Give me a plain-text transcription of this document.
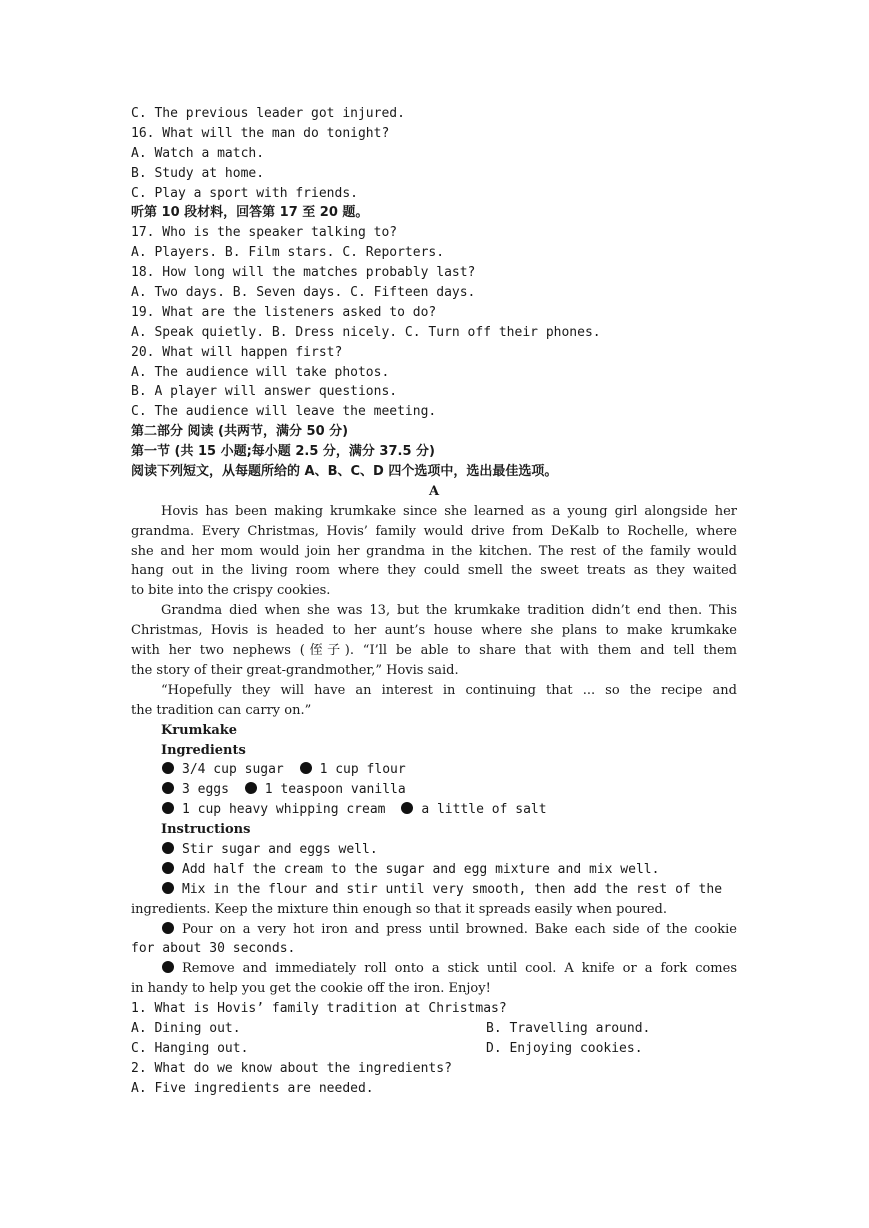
C. The previous leader got injured.
16. What will the man do tonight?
A. Watch a match.
B. Study at home.
C. Play a sport with friends.
听第 10 段材料，回答第 17 至 20 题。
17. Who is the speaker talking to?
A. Players. B. Film stars. C. Reporters.
18. How long will the matches probably last?
A. Two days. B. Seven days. C. Fifteen days.
19. What are the listeners asked to do?
A. Speak quietly. B. Dress nicely. C. Turn off their phones.
20. What will happen first?
A. The audience will take photos.
B. A player will answer questions.
C. The audience will leave the meeting.
第二部分 阅读 (共两节，满分 50 分)
第一节 (共 15 小题;每小题 2.5 分，满分 37.5 分)
阅读下列短文，从每题所给的 A、B、C、D 四个选项中，选出最佳选项。
A
Hovis has been making krumkake since she learned as a young girl alongside her
grandma. Every Christmas, Hovis’ family would drive from DeKalb to Rochelle, where
she and her mom would join her grandma in the kitchen. The rest of the family would
hang out in the living room where they could smell the sweet treats as they waited
to bite into the crispy cookies.
Grandma died when she was 13, but the krumkake tradition didn’t end then. This
Christmas, Hovis is headed to her aunt’s house where she plans to make krumkake
with her two nephews (侄子). “I’ll be able to share that with them and tell them
the story of their great-grandmother,” Hovis said.
“Hopefully they will have an interest in continuing that ... so the recipe and
the tradition can carry on.”
Krumkake
Ingredients
3/4 cup sugar	1 cup flour
3 eggs	1 teaspoon vanilla
1 cup heavy whipping cream	a little of salt
Instructions
Stir sugar and eggs well.
Add half the cream to the sugar and egg mixture and mix well.
Mix in the flour and stir until very smooth, then add the rest of the
ingredients. Keep the mixture thin enough so that it spreads easily when poured.
Pour on a very hot iron and press until browned. Bake each side of the cookie
for about 30 seconds.
Remove and immediately roll onto a stick until cool. A knife or a fork comes
in handy to help you get the cookie off the iron. Enjoy!
1. What is Hovis’ family tradition at Christmas?
A. Dining out.	B. Travelling around.
C. Hanging out.	D. Enjoying cookies.
2. What do we know about the ingredients?
A. Five ingredients are needed.
